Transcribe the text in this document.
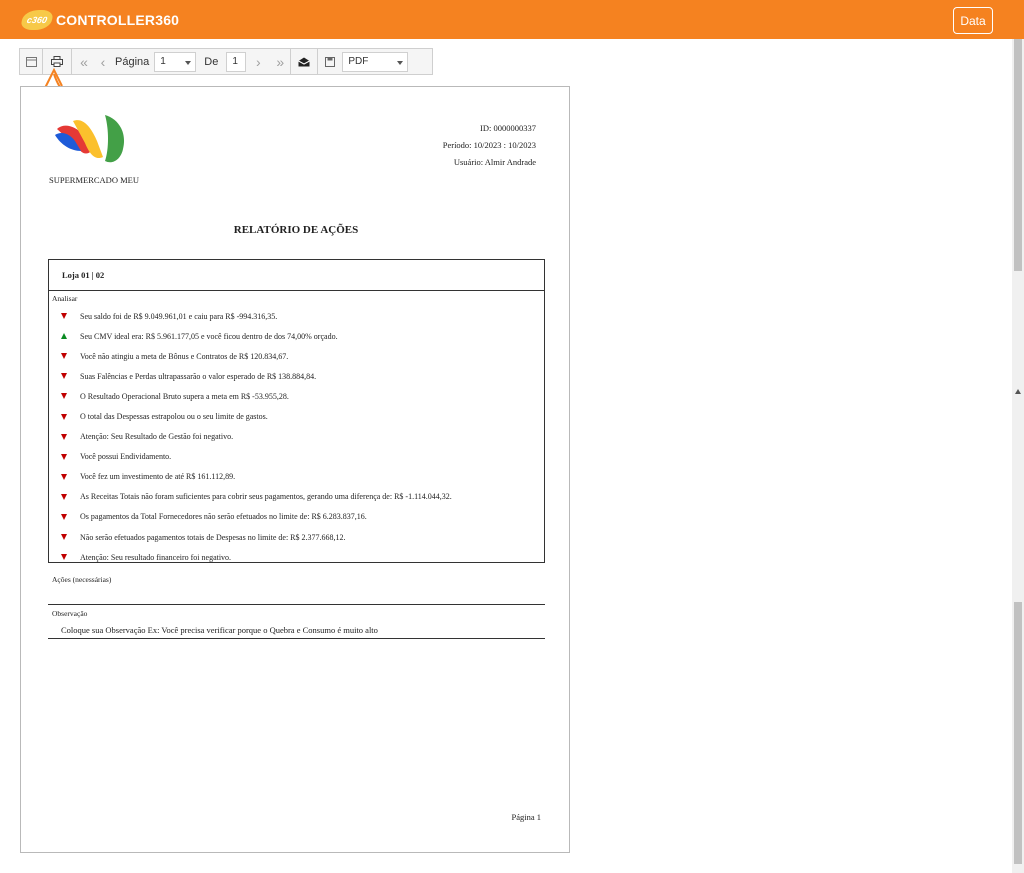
c360 CONTROLLER360	Data
« ‹ Página	1	De	1	›	»	PDF
SUPERMERCADO MEU
ID: 0000000337
Período: 10/2023 : 10/2023
Usuário: Almir Andrade
RELATÓRIO DE AÇÕES
Loja 01 | 02
Analisar
Seu saldo foi de R$ 9.049.961,01 e caiu para R$ -994.316,35.
Seu CMV ideal era: R$ 5.961.177,05 e você ficou dentro de dos 74,00% orçado.
Você não atingiu a meta de Bônus e Contratos de R$ 120.834,67.
Suas Falências e Perdas ultrapassarão o valor esperado de R$ 138.884,84.
O Resultado Operacional Bruto supera a meta em R$ -53.955,28.
O total das Despessas estrapolou ou o seu limite de gastos.
Atenção: Seu Resultado de Gestão foi negativo.
Você possui Endividamento.
Você fez um investimento de até R$ 161.112,89.
As Receitas Totais não foram suficientes para cobrir seus pagamentos, gerando uma diferença de: R$ -1.114.044,32.
Os pagamentos da Total Fornecedores não serão efetuados no limite de: R$ 6.283.837,16.
Não serão efetuados pagamentos totais de Despesas no limite de: R$ 2.377.668,12.
Atenção: Seu resultado financeiro foi negativo.
Ações (necessárias)
Observação
Coloque sua Observação Ex: Você precisa verificar porque o Quebra e Consumo é muito alto
Página 1
